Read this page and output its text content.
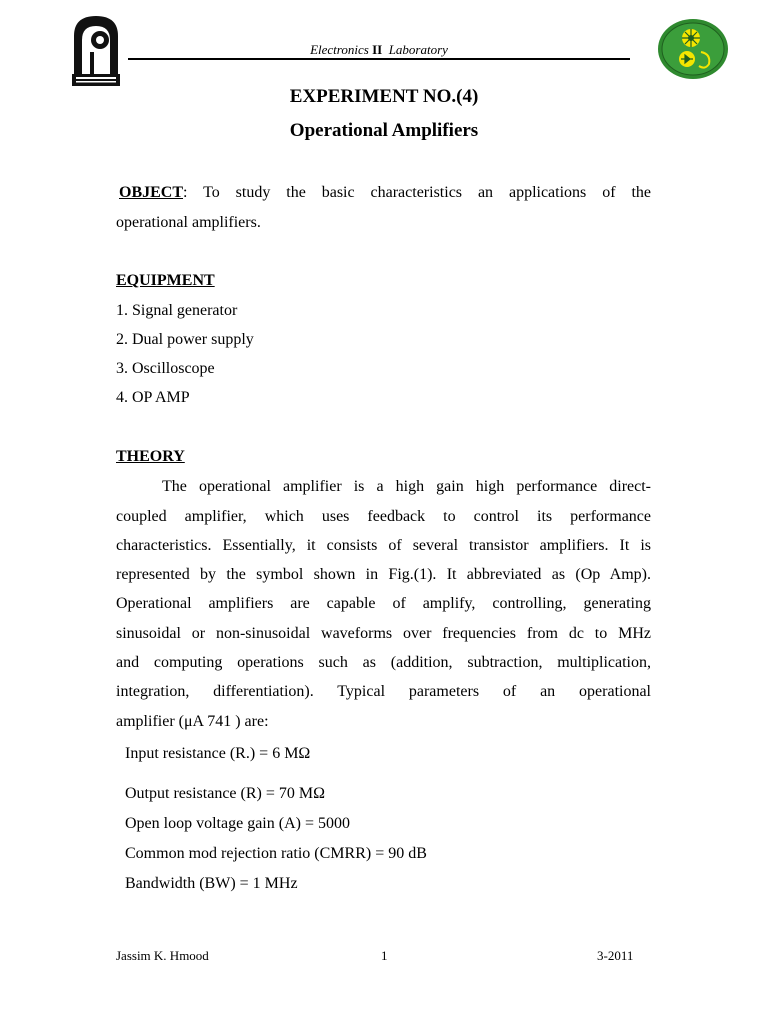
Electronics II Laboratory
EXPERIMENT NO.(4)
Operational Amplifiers
OBJECT: To study the basic characteristics an applications of the
operational amplifiers.
EQUIPMENT
1. Signal generator
2. Dual power supply
3. Oscilloscope
4. OP AMP
THEORY
The operational amplifier is a high gain high performance direct-
coupled amplifier, which uses feedback to control its performance
characteristics. Essentially, it consists of several transistor amplifiers. It is
represented by the symbol shown in Fig.(1). It abbreviated as (Op Amp).
Operational amplifiers are capable of amplify, controlling, generating
sinusoidal or non-sinusoidal waveforms over frequencies from dc to MHz
and computing operations such as (addition, subtraction, multiplication,
integration, differentiation). Typical parameters of an operational
amplifier (μA 741 ) are:
Input resistance (R.) = 6 MΩ
Output resistance (R) = 70 MΩ
Open loop voltage gain (A) = 5000
Common mod rejection ratio (CMRR) = 90 dB
Bandwidth (BW) = 1 MHz
Jassim K. Hmood	1	3-2011
